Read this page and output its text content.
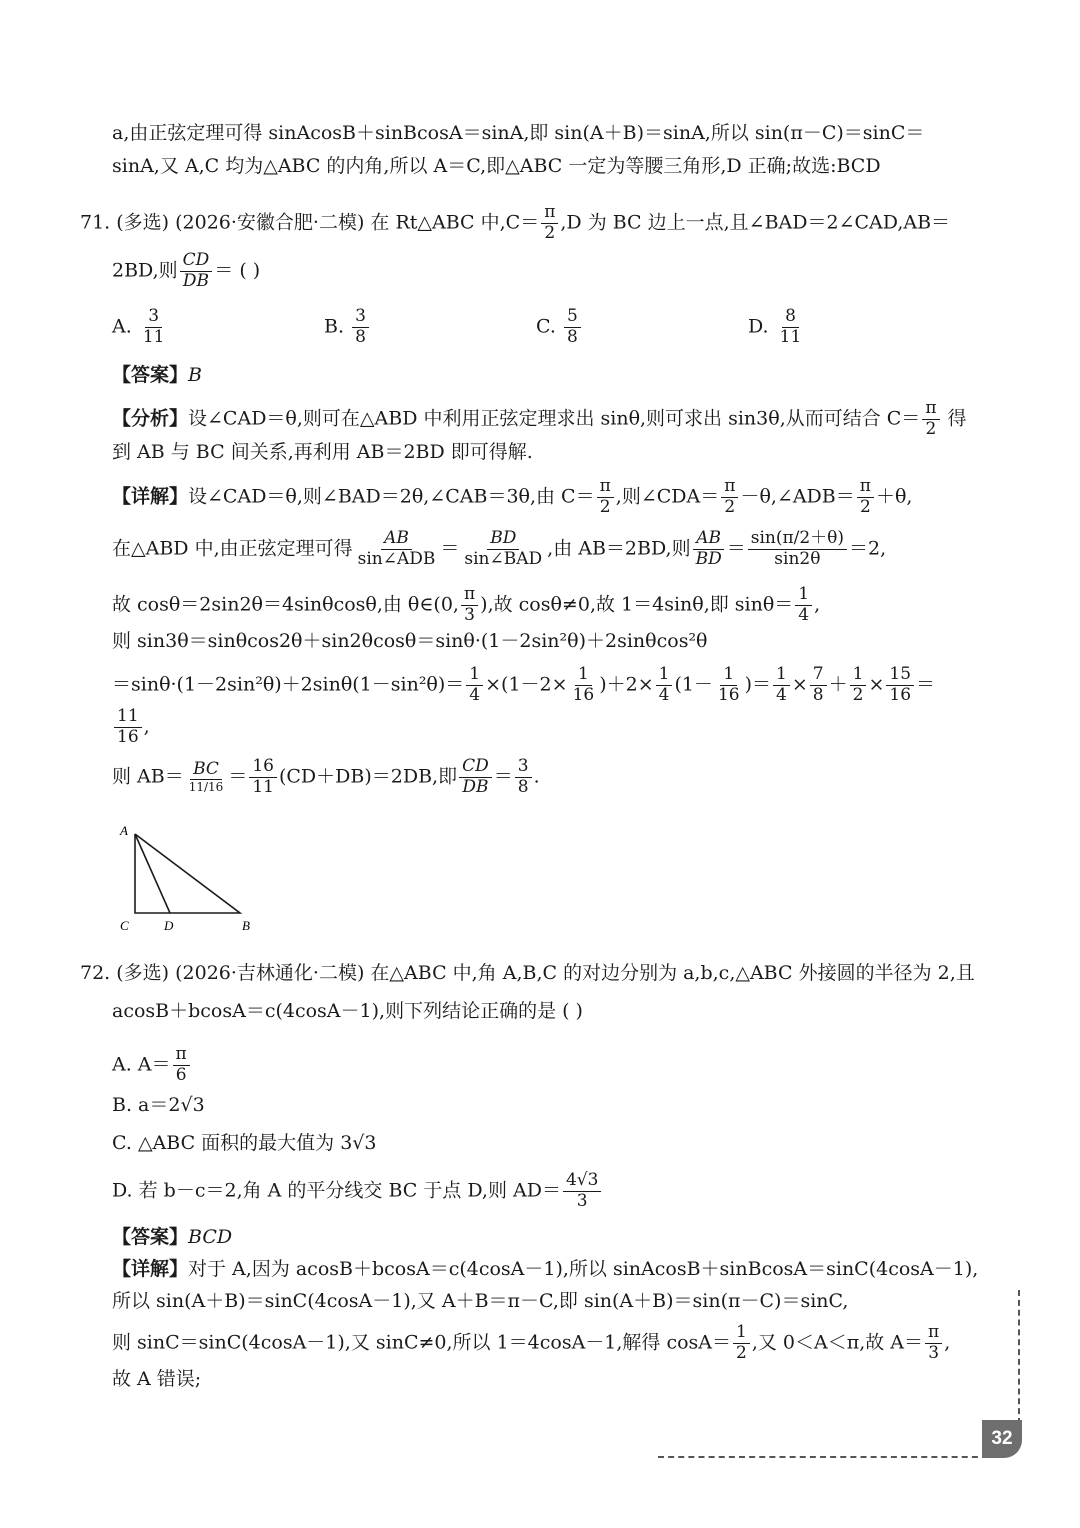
a,由正弦定理可得 sinAcosB＋sinBcosA＝sinA,即 sin(A＋B)＝sinA,所以 sin(π－C)＝sinC＝
sinA,又 A,C 均为△ABC 的内角,所以 A＝C,即△ABC 一定为等腰三角形,D 正确;故选:BCD
71. (多选) (2026·安徽合肥·二模) 在 Rt△ABC 中$,C= \frac{\pi}{2} ,D$ 为 BC 边上一点,且∠BAD＝2∠CAD,AB＝
2BD,则 $\frac{CD}{DB}$ ＝ ( )
A. $\frac{3}{11}$	B. $\frac{3}{8}$	C. $\frac{5}{8}$	D. $\frac{8}{11}$
【答案】B
【分析】设∠CAD＝θ,则可在△ABD 中利用正弦定理求出 sinθ,则可求出 sin3θ,从而可结合 $C= \frac{\pi}{2}$ 得
到 AB 与 BC 间关系,再利用 AB＝2BD 即可得解.
【详解】设∠CAD＝θ,则∠BAD＝2θ,∠CAB＝3θ,由 $C= \frac{\pi}{2}$ ,则∠CDA＝ $\frac{\pi}{2}$ －θ,∠ADB＝ $\frac{\pi}{2} +\theta$,
在△ABD 中,由正弦定理可得 $\frac{AB}{\text{sin∠ADB}} = \frac{BD}{\text{sin∠BAD}}$ ,由 AB＝2BD,则 $\frac{AB}{BD} = \frac{\sin(\pi/2+\theta)}{\sin 2\theta} =2$,
故 cosθ＝2sin2θ＝4sinθcosθ,由 θ∈(0, $\frac{\pi}{3}$ ),故 cosθ≠0,故 1＝4sinθ,即 $\sin\theta= \frac{1}{4}$ ,
则 sin3θ＝sinθcos2θ＋sin2θcosθ＝sinθ·(1－2sin²θ)＋2sinθcos²θ
$=\sin\theta\cdot(1-2\sin^2\theta)+2\sin\theta(1-\sin^2\theta)= \frac{1}{4} \times(1-2\times \frac{1}{16} )+2\times \frac{1}{4} (1- \frac{1}{16}$ )＝ $\frac{1}{4} \times \frac{7}{8} + \frac{1}{2} \times \frac{15}{16}$ ＝
$\frac{11}{16}$ ,
则 $AB= \frac{BC}{11/16} = \frac{16}{11} (CD+DB)=2DB$,即 $\frac{CD}{DB} = \frac{3}{8}$ .
A
C	D	B
72. (多选) (2026·吉林通化·二模) 在△ABC 中,角 A,B,C 的对边分别为 a,b,c,△ABC 外接圆的半径为 2,且
acosB＋bcosA＝c(4cosA－1),则下列结论正确的是 ( )
A. $A= \frac{\pi}{6}$
B. a＝2√3
C. △ABC 面积的最大值为 3√3
D. 若 b－c＝2,角 A 的平分线交 BC 于点 D,则 $AD= \frac{4√3}{3}$
【答案】BCD
【详解】对于 A,因为 acosB＋bcosA＝c(4cosA－1),所以 sinAcosB＋sinBcosA＝sinC(4cosA－1),
所以 sin(A＋B)＝sinC(4cosA－1),又 A＋B＝π－C,即 sin(A＋B)＝sin(π－C)＝sinC,
则 sinC＝sinC(4cosA－1),又 sinC≠0,所以 1＝4cosA－1,解得 $\cos A= \frac{1}{2}$ ,又 0＜A＜π,故 $A= \frac{\pi}{3}$ ,
故 A 错误;
32
